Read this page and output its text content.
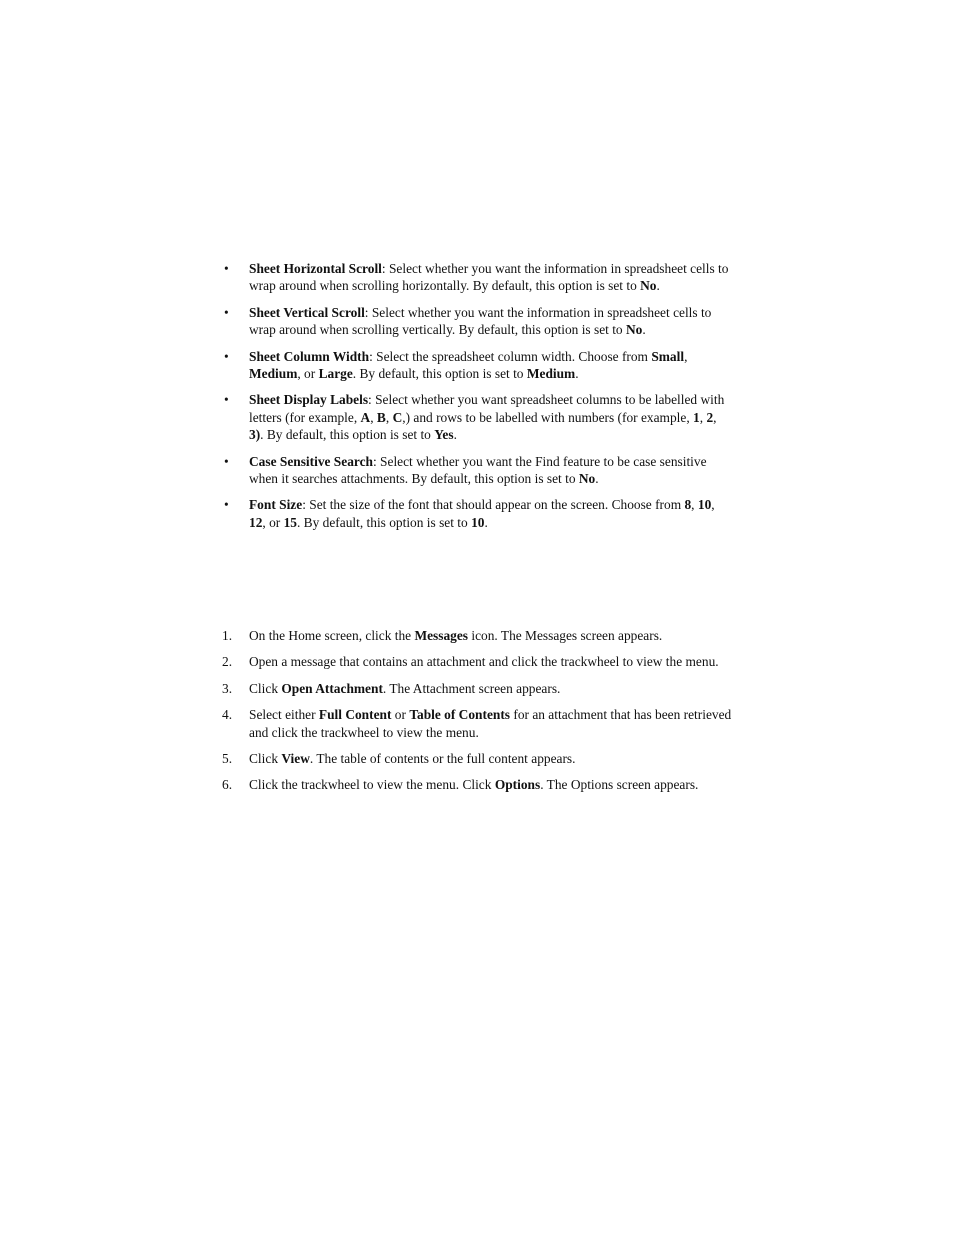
• Sheet Horizontal Scroll: Select whether you want the information in spreadsheet cells to wrap around when scrolling horizontally. By default, this option is set to No.
• Sheet Vertical Scroll: Select whether you want the information in spreadsheet cells to wrap around when scrolling vertically. By default, this option is set to No.
• Sheet Column Width: Select the spreadsheet column width. Choose from Small, Medium, or Large. By default, this option is set to Medium.
• Sheet Display Labels: Select whether you want spreadsheet columns to be labelled with letters (for example, A, B, C,) and rows to be labelled with numbers (for example, 1, 2, 3). By default, this option is set to Yes.
• Case Sensitive Search: Select whether you want the Find feature to be case sensitive when it searches attachments. By default, this option is set to No.
• Font Size: Set the size of the font that should appear on the screen. Choose from 8, 10, 12, or 15. By default, this option is set to 10.
1. On the Home screen, click the Messages icon. The Messages screen appears.
2. Open a message that contains an attachment and click the trackwheel to view the menu.
3. Click Open Attachment. The Attachment screen appears.
4. Select either Full Content or Table of Contents for an attachment that has been retrieved and click the trackwheel to view the menu.
5. Click View. The table of contents or the full content appears.
6. Click the trackwheel to view the menu. Click Options. The Options screen appears.
